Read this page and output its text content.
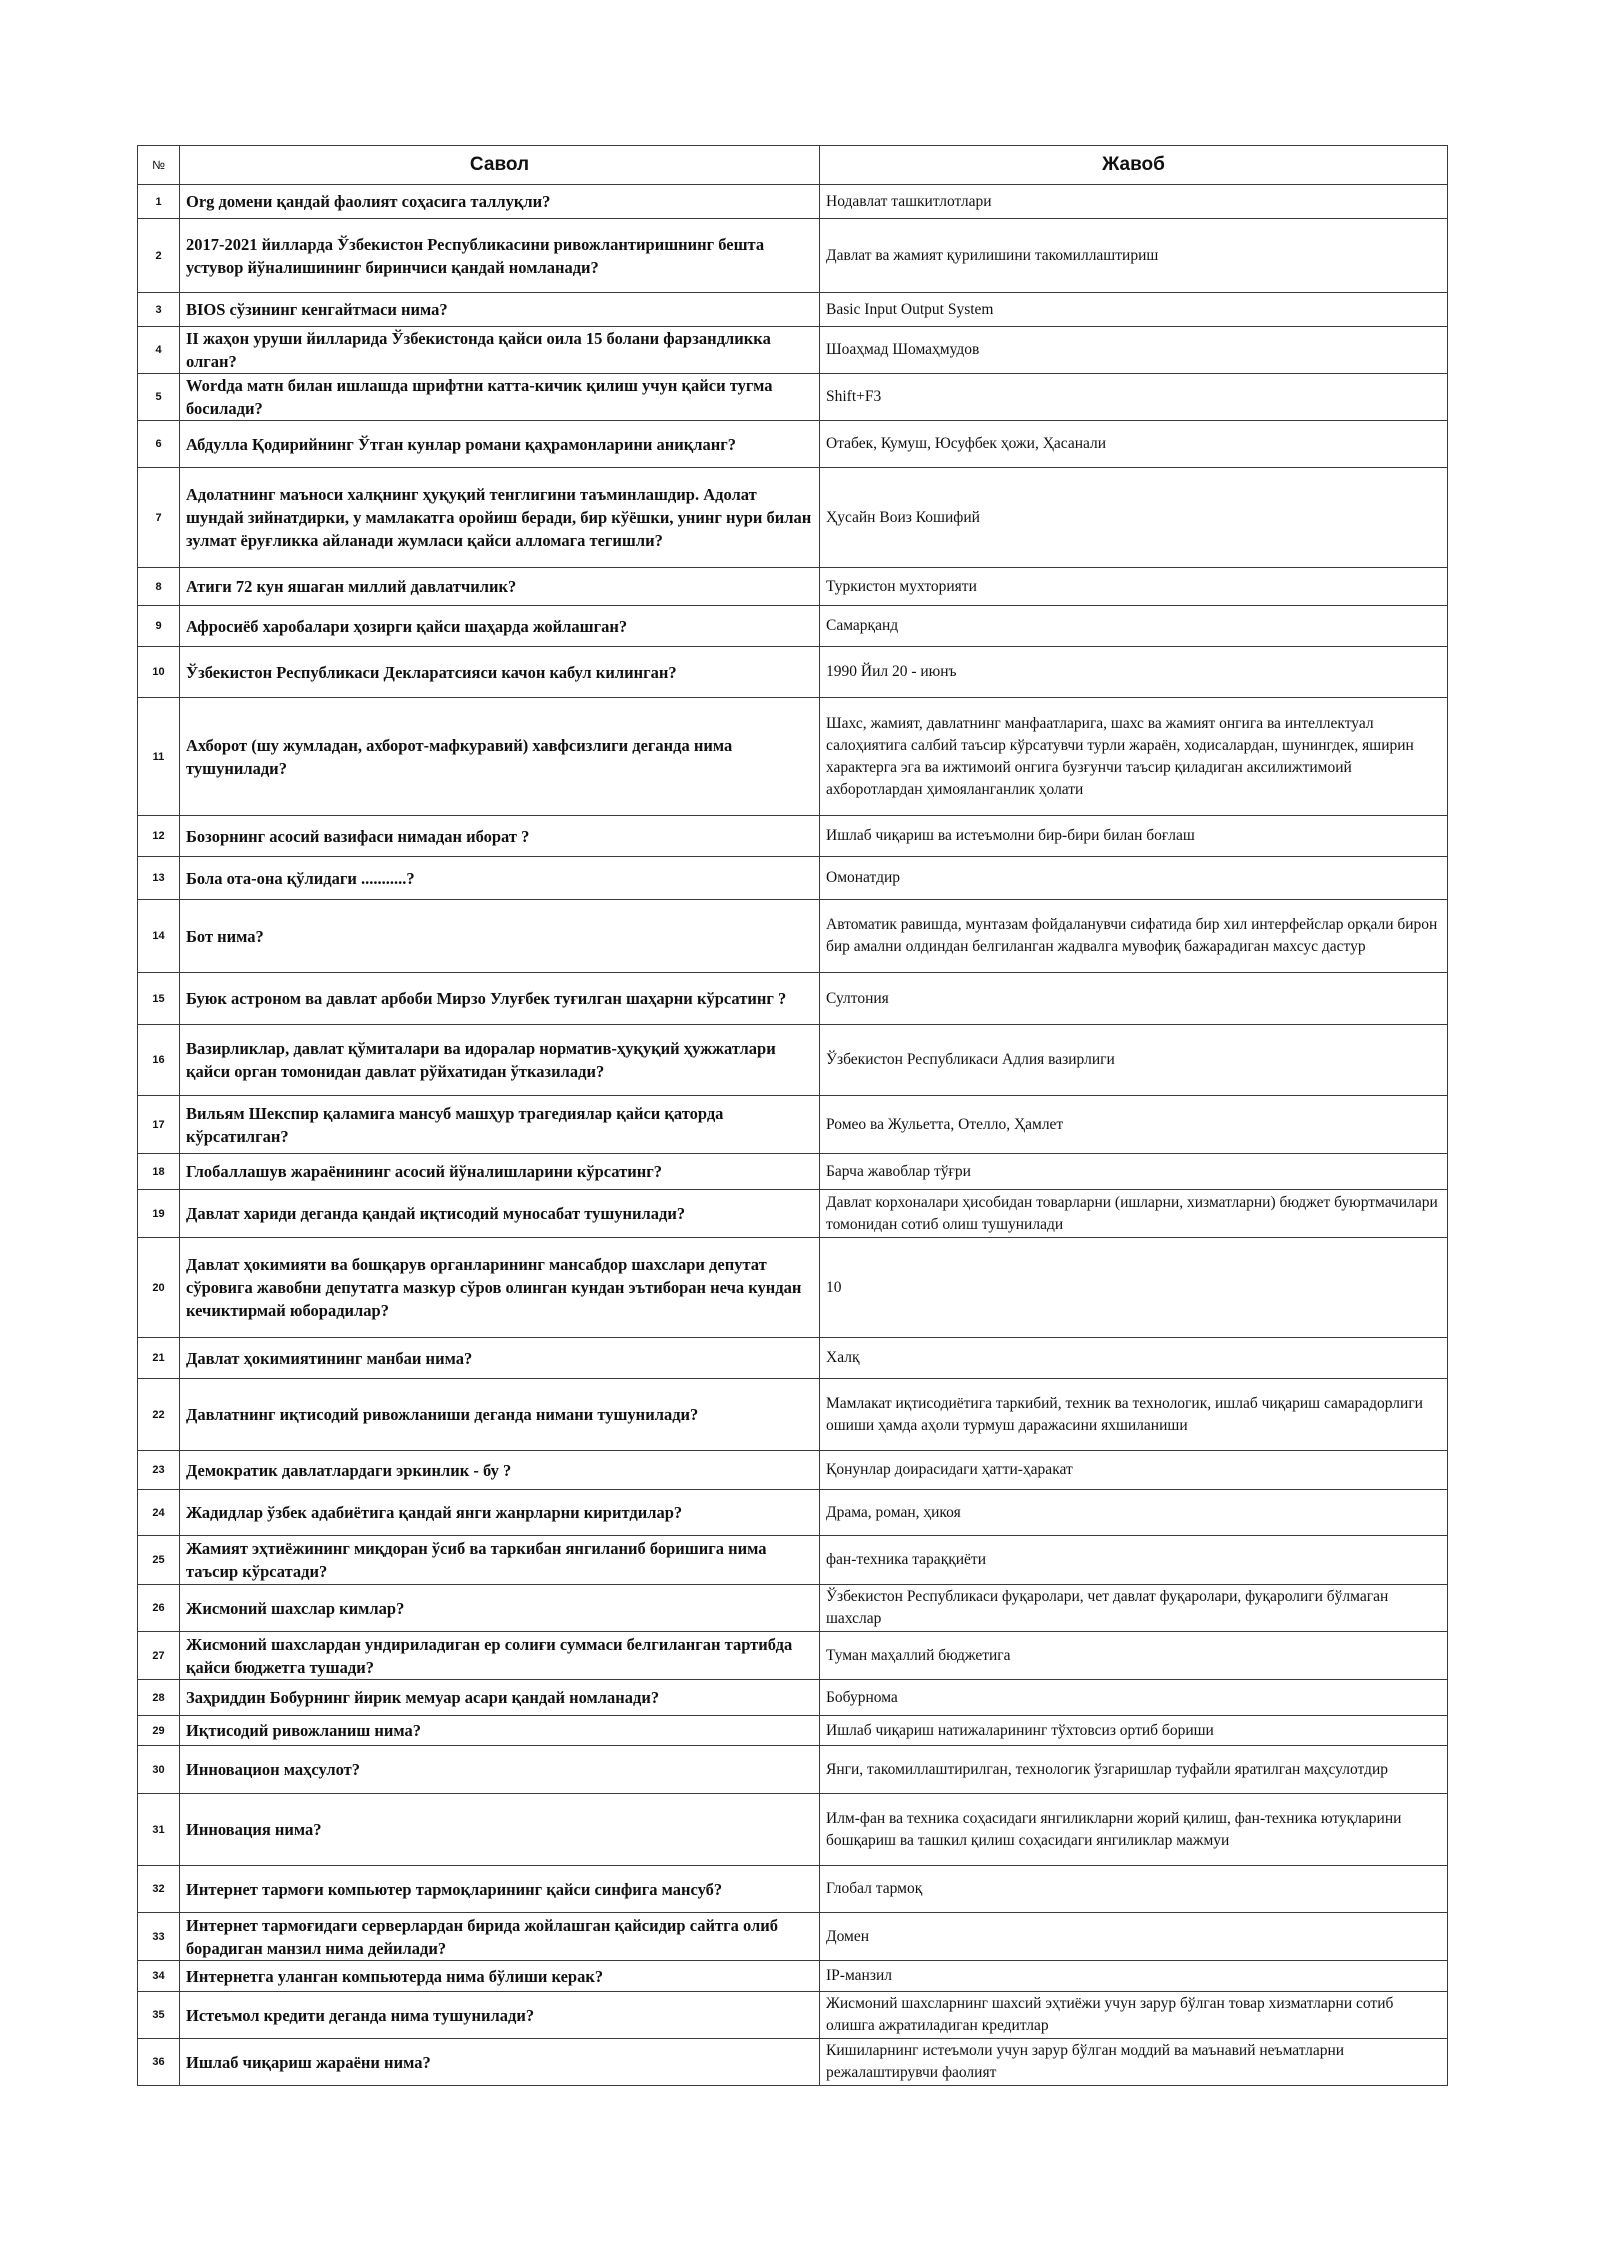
№	Савол	Жавоб
1	Org домени қандай фаолият соҳасига таллуқли?	Нодавлат ташкитлотлари
2	2017-2021 йилларда Ўзбекистон Республикасини ривожлантиришнинг бешта устувор йўналишининг биринчиси қандай номланади?	Давлат ва жамият қурилишини такомиллаштириш
3	BIOS сўзининг кенгайтмаси нима?	Basic Input Output System
4	II жаҳон уруши йилларида Ўзбекистонда қайси оила 15 болани фарзандликка олган?	Шоаҳмад Шомаҳмудов
5	Wordда матн билан ишлашда шрифтни катта-кичик қилиш учун қайси тугма босилади?	Shift+F3
6	Абдулла Қодирийнинг Ўтган кунлар романи қаҳрамонларини аниқланг?	Отабек, Кумуш, Юсуфбек ҳожи, Ҳасанали
7	Адолатнинг маъноси халқнинг ҳуқуқий тенглигини таъминлашдир. Адолат шундай зийнатдирки, у мамлакатга оройиш беради, бир кўёшки, унинг нури билан зулмат ёруғликка айланади жумласи қайси алломага тегишли?	Ҳусайн Воиз Кошифий
8	Атиги 72 кун яшаган миллий давлатчилик?	Туркистон мухторияти
9	Афросиёб харобалари ҳозирги қайси шаҳарда жойлашган?	Самарқанд
10	Ўзбекистон Республикаси Декларатсияси качон кабул килинган?	1990 Йил 20 - июнъ
11	Ахборот (шу жумладан, ахборот-мафкуравий) хавфсизлиги деганда нима тушунилади?	Шахс, жамият, давлатнинг манфаатларига, шахс ва жамият онгига ва интеллектуал салоҳиятига салбий таъсир кўрсатувчи турли жараён, ходисалардан, шунингдек, яширин характерга эга ва ижтимоий онгига бузғунчи таъсир қиладиган аксилижтимоий ахборотлардан ҳимояланганлик ҳолати
12	Бозорнинг асосий вазифаси нимадан иборат ?	Ишлаб чиқариш ва истеъмолни бир-бири билан боғлаш
13	Бола ота-она қўлидаги ...........?	Омонатдир
14	Бот нима?	Автоматик равишда, мунтазам фойдаланувчи сифатида бир хил интерфейслар орқали бирон бир амални олдиндан белгиланган жадвалга мувофиқ бажарадиган махсус дастур
15	Буюк астроном ва давлат арбоби Мирзо Улуғбек туғилган шаҳарни кўрсатинг ?	Султония
16	Вазирликлар, давлат қўмиталари ва идоралар норматив-ҳуқуқий ҳужжатлари қайси орган томонидан давлат рўйхатидан ўтказилади?	Ўзбекистон Республикаси Адлия вазирлиги
17	Вильям Шекспир қаламига мансуб машҳур трагедиялар қайси қаторда кўрсатилган?	Ромео ва Жульетта, Отелло, Ҳамлет
18	Глобаллашув жараёнининг асосий йўналишларини кўрсатинг?	Барча жавоблар тўғри
19	Давлат хариди деганда қандай иқтисодий муносабат тушунилади?	Давлат корхоналари ҳисобидан товарларни (ишларни, хизматларни) бюджет буюртмачилари томонидан сотиб олиш тушунилади
20	Давлат ҳокимияти ва бошқарув органларининг мансабдор шахслари депутат сўровига жавобни депутатга мазкур сўров олинган кундан эътиборан неча кундан кечиктирмай юборадилар?	10
21	Давлат ҳокимиятининг манбаи нима?	Халқ
22	Давлатнинг иқтисодий ривожланиши деганда нимани тушунилади?	Мамлакат иқтисодиётига таркибий, техник ва технологик, ишлаб чиқариш самарадорлиги ошиши ҳамда аҳоли турмуш даражасини яхшиланиши
23	Демократик давлатлардаги эркинлик - бу ?	Қонунлар доирасидаги ҳатти-ҳаракат
24	Жадидлар ўзбек адабиётига қандай янги жанрларни киритдилар?	Драма, роман, ҳикоя
25	Жамият эҳтиёжининг миқдоран ўсиб ва таркибан янгиланиб боришига нима таъсир кўрсатади?	фан-техника тараққиёти
26	Жисмоний шахслар кимлар?	Ўзбекистон Республикаси фуқаролари, чет давлат фуқаролари, фуқаролиги бўлмаган шахслар
27	Жисмоний шахслардан ундириладиган ер солиғи суммаси белгиланган тартибда қайси бюджетга тушади?	Туман маҳаллий бюджетига
28	Заҳриддин Бобурнинг йирик мемуар асари қандай номланади?	Бобурнома
29	Иқтисодий ривожланиш нима?	Ишлаб чиқариш натижаларининг тўхтовсиз ортиб бориши
30	Инновацион маҳсулот?	Янги, такомиллаштирилган, технологик ўзгаришлар туфайли яратилган маҳсулотдир
31	Инновация нима?	Илм-фан ва техника соҳасидаги янгиликларни жорий қилиш, фан-техника ютуқларини бошқариш ва ташкил қилиш соҳасидаги янгиликлар мажмуи
32	Интернет тармоғи компьютер тармоқларининг қайси синфига мансуб?	Глобал тармоқ
33	Интернет тармоғидаги серверлардан бирида жойлашган қайсидир сайтга олиб борадиган манзил нима дейилади?	Домен
34	Интернетга уланган компьютерда нима бўлиши керак?	IP-манзил
35	Истеъмол кредити деганда нима тушунилади?	Жисмоний шахсларнинг шахсий эҳтиёжи учун зарур бўлган товар хизматларни сотиб олишга ажратиладиган кредитлар
36	Ишлаб чиқариш жараёни нима?	Кишиларнинг истеъмоли учун зарур бўлган моддий ва маънавий неъматларни режалаштирувчи фаолият
